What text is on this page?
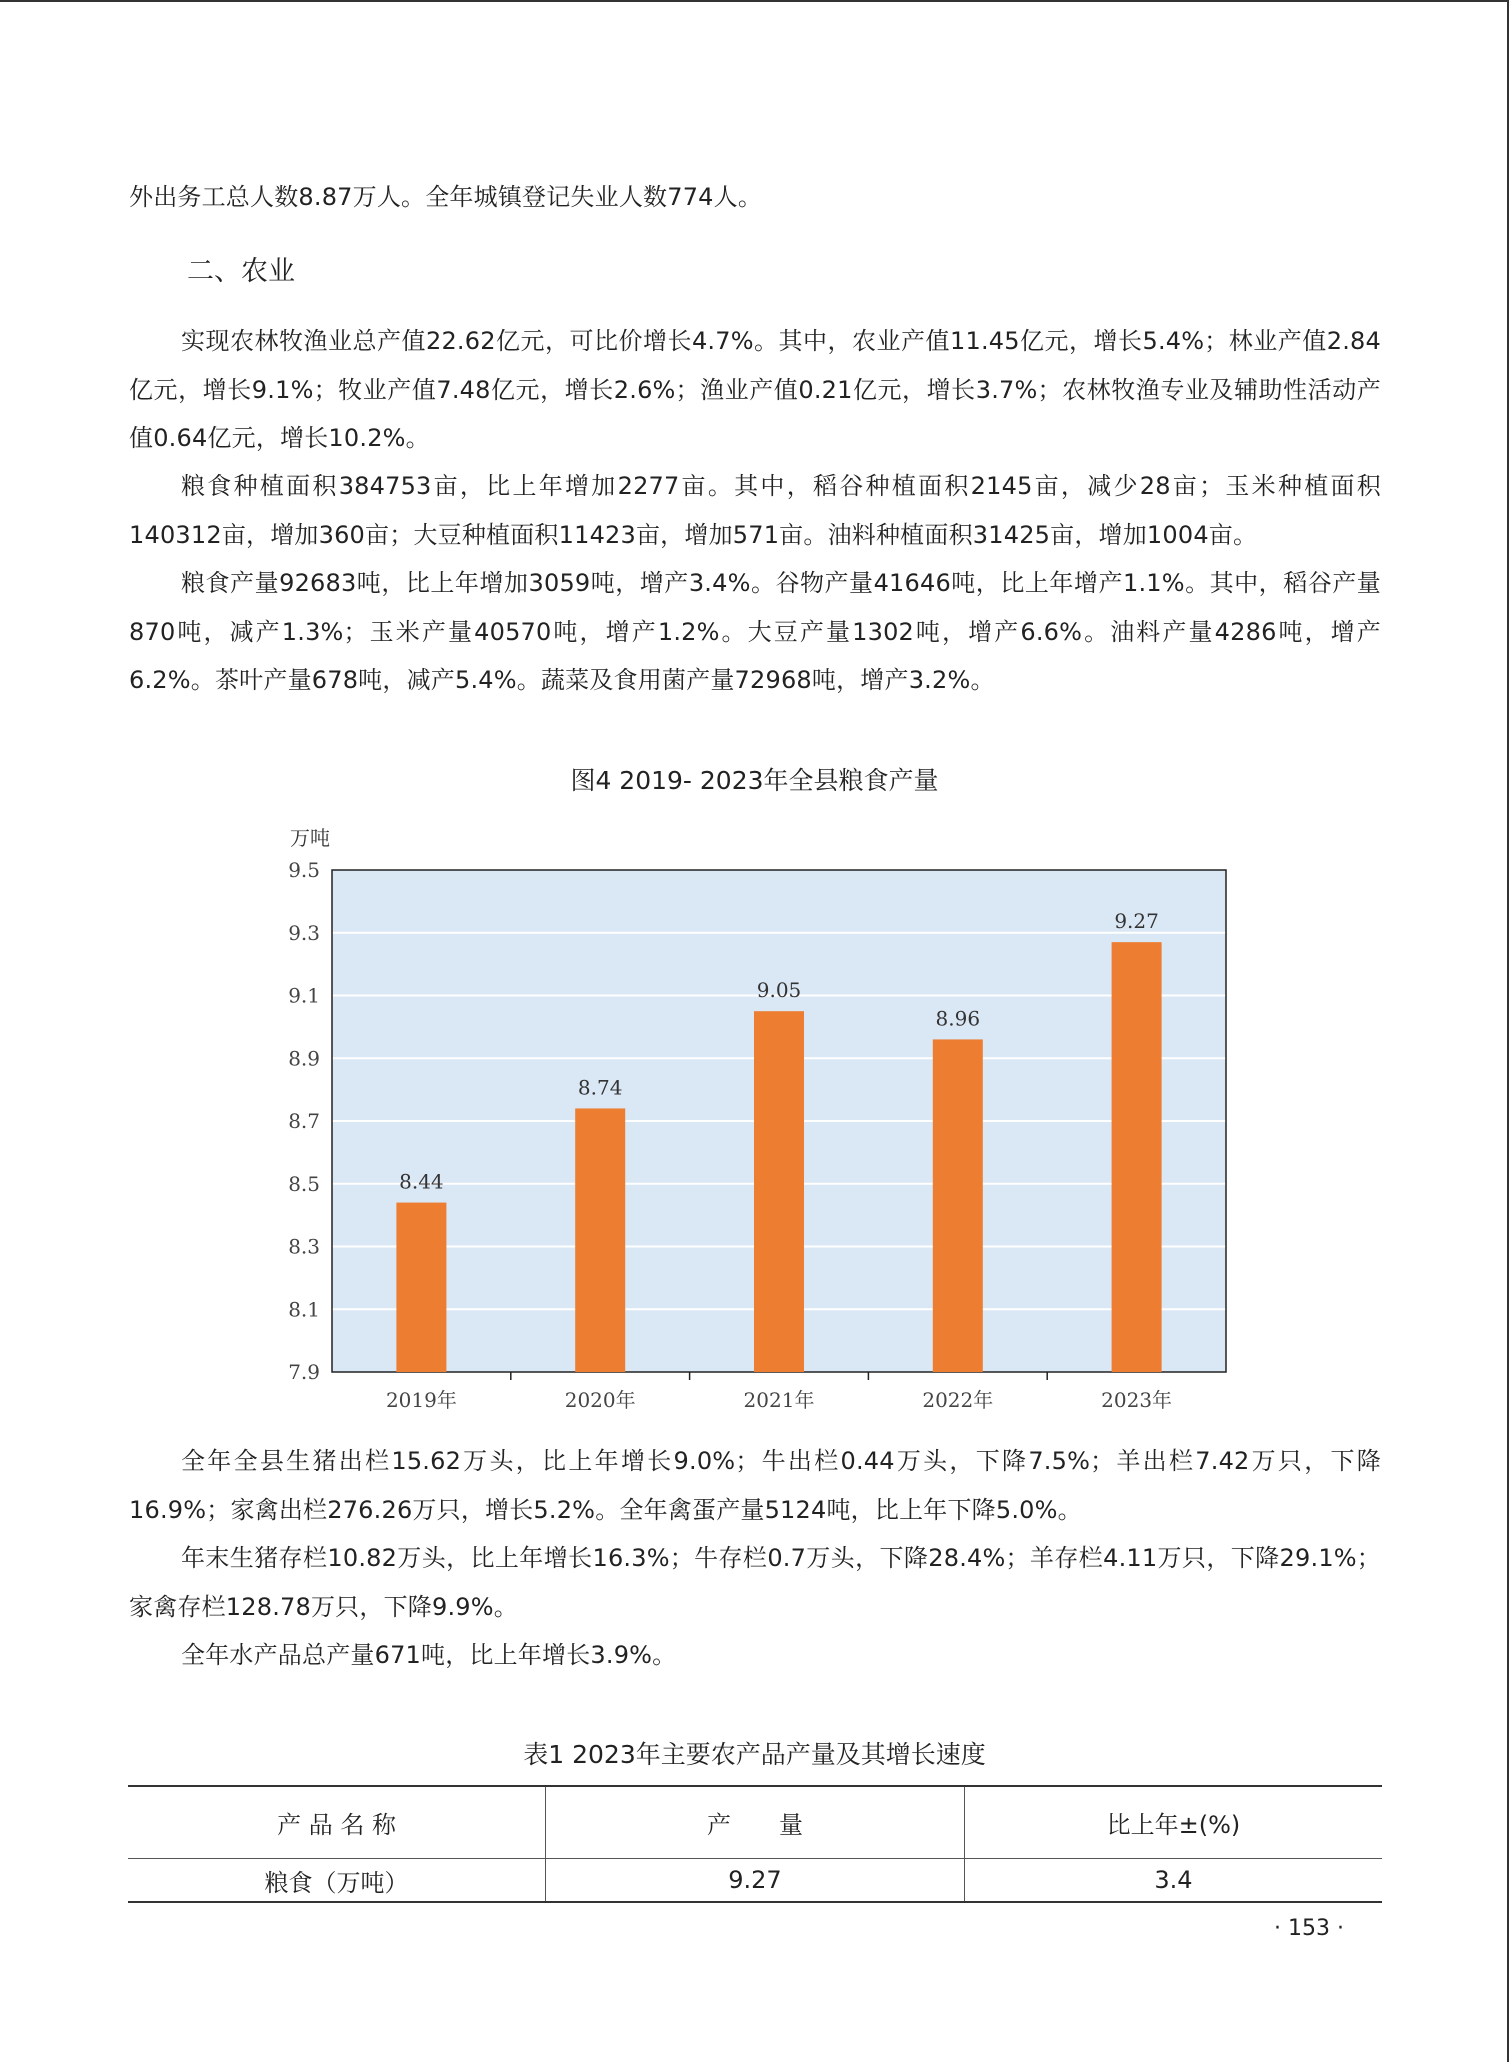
外出务工总人数8.87万人。全年城镇登记失业人数774人。

二、农业

实现农林牧渔业总产值22.62亿元，可比价增长4.7%。其中，农业产值11.45亿元，增长5.4%；林业产值2.84亿元，增长9.1%；牧业产值7.48亿元，增长2.6%；渔业产值0.21亿元，增长3.7%；农林牧渔专业及辅助性活动产值0.64亿元，增长10.2%。

粮食种植面积384753亩，比上年增加2277亩。其中，稻谷种植面积2145亩，减少28亩；玉米种植面积140312亩，增加360亩；大豆种植面积11423亩，增加571亩。油料种植面积31425亩，增加1004亩。

粮食产量92683吨，比上年增加3059吨，增产3.4%。谷物产量41646吨，比上年增产1.1%。其中，稻谷产量870吨，减产1.3%；玉米产量40570吨，增产1.2%。大豆产量1302吨，增产6.6%。油料产量4286吨，增产6.2%。茶叶产量678吨，减产5.4%。蔬菜及食用菌产量72968吨，增产3.2%。

图4 2019- 2023年全县粮食产量
万吨
7.9
8.1
8.3
8.5
8.7
8.9
9.1
9.3
9.5
8.44
2019年
8.74
2020年
9.05
2021年
8.96
2022年
9.27
2023年

全年全县生猪出栏15.62万头，比上年增长9.0%；牛出栏0.44万头，下降7.5%；羊出栏7.42万只，下降16.9%；家禽出栏276.26万只，增长5.2%。全年禽蛋产量5124吨，比上年下降5.0%。

年末生猪存栏10.82万头，比上年增长16.3%；牛存栏0.7万头，下降28.4%；羊存栏4.11万只，下降29.1%；家禽存栏128.78万只，下降9.9%。

全年水产品总产量671吨，比上年增长3.9%。

表1 2023年主要农产品产量及其增长速度
产 品 名 称	产　　量	比上年±(%)
粮食（万吨）	9.27	3.4
· 153 ·
